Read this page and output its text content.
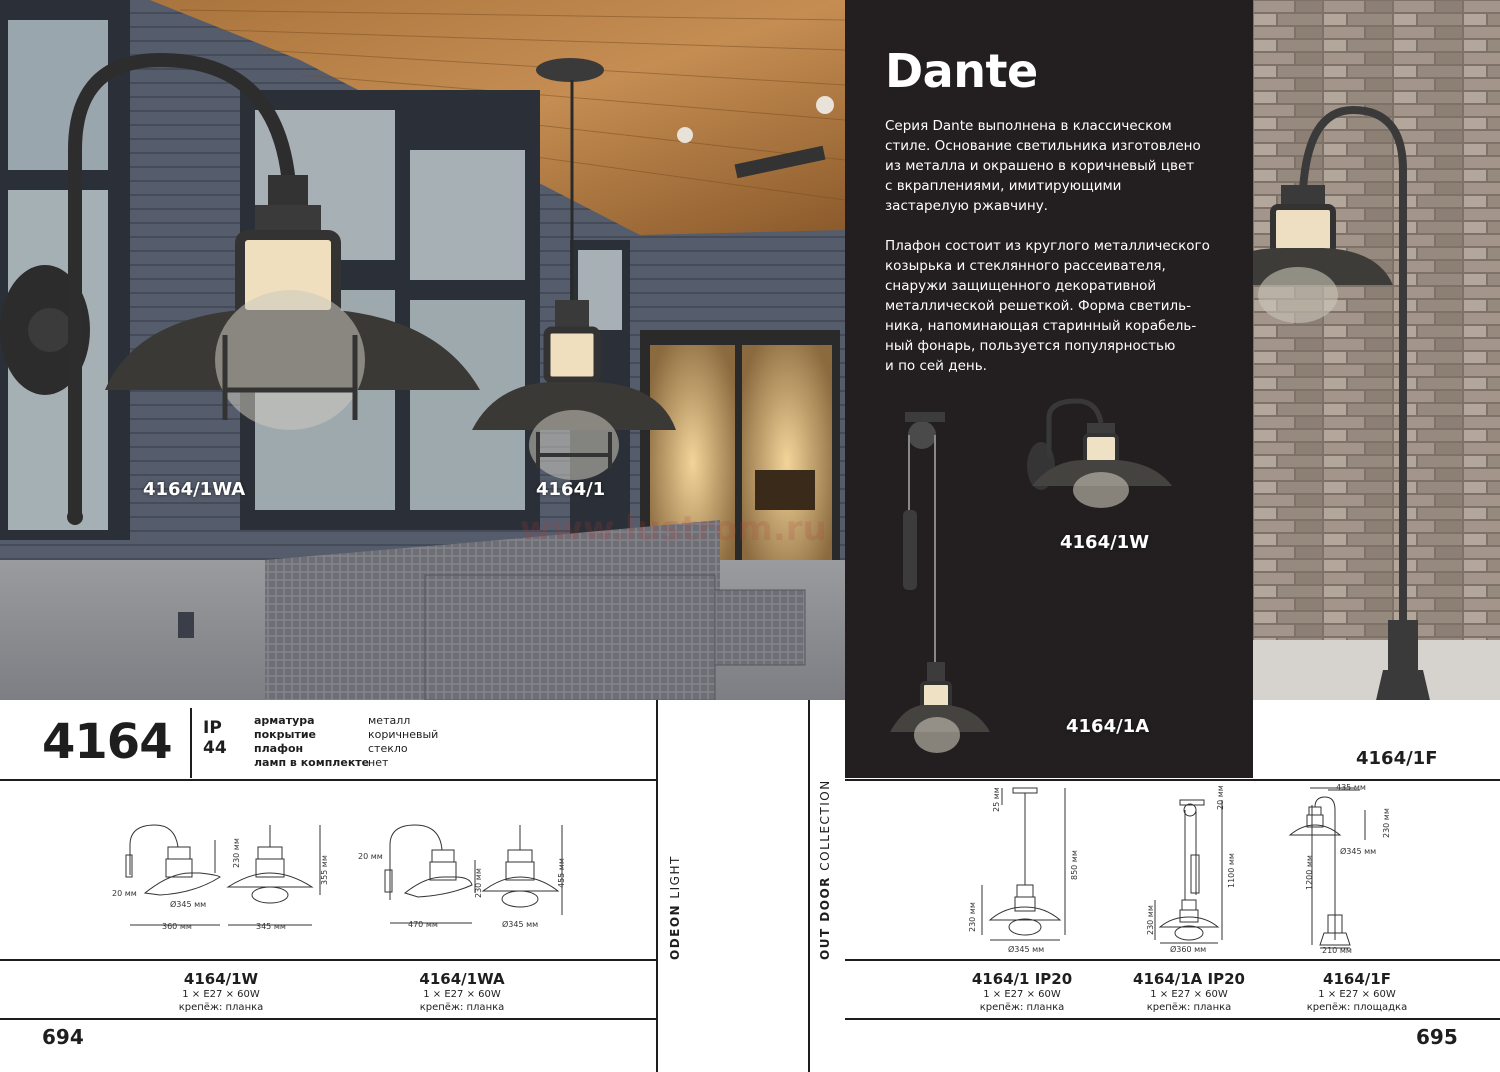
www.lustrom.ru
4164/1WA	4164/1
Dante

Серия Dante выполнена в классическом
стиле. Основание светильника изготовлено
из металла и окрашено в коричневый цвет
с вкраплениями, имитирующими
застарелую ржавчину.

Плафон состоит из круглого металлического
козырька и стеклянного рассеивателя,
снаружи защищенного декоративной
металлической решеткой. Форма светиль-
ника, напоминающая старинный корабель-
ный фонарь, пользуется популярностью
и по сей день.

4164/1W
4164/1A
4164/1F
4164 IP
44
арматура	металл
покрытие	коричневый
плафон	стекло
ламп в комплекте
нет
ODEON LIGHT	OUT DOOR COLLECTION
20 мм
230 мм
355 мм
Ø345 мм
360 мм	345 мм
20 мм
230 мм	455 мм
470 мм	Ø345 мм
25 мм
850 мм
230 мм
Ø345 мм
20 мм
1100 мм
230 мм
Ø360 мм
435 мм
230 мм
Ø345 мм
1200 мм
210 мм
4164/1W
1 × E27 × 60W
крепёж: планка
4164/1WA
1 × E27 × 60W
крепёж: планка
4164/1 IP20
1 × E27 × 60W
крепёж: планка
4164/1A IP20
1 × E27 × 60W
крепёж: планка
4164/1F
1 × E27 × 60W
крепёж: площадка
694	695
